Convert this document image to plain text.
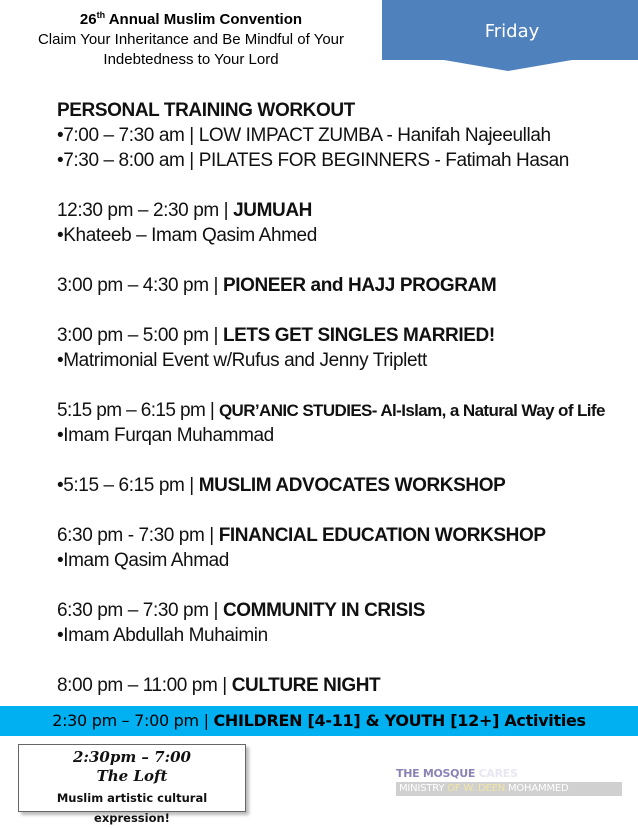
26th Annual Muslim Convention
Claim Your Inheritance and Be Mindful of Your
Indebtedness to Your Lord
Friday
PERSONAL TRAINING WORKOUT
•7:00 – 7:30 am | LOW IMPACT ZUMBA - Hanifah Najeeullah
•7:30 – 8:00 am | PILATES FOR BEGINNERS - Fatimah Hasan
12:30 pm – 2:30 pm | JUMUAH
•Khateeb – Imam Qasim Ahmed
3:00 pm – 4:30 pm | PIONEER and HAJJ PROGRAM
3:00 pm – 5:00 pm | LETS GET SINGLES MARRIED!
•Matrimonial Event w/Rufus and Jenny Triplett
5:15 pm – 6:15 pm | QUR’ANIC STUDIES- Al-Islam, a Natural Way of Life
•Imam Furqan Muhammad
•5:15 – 6:15 pm | MUSLIM ADVOCATES WORKSHOP
6:30 pm - 7:30 pm | FINANCIAL EDUCATION WORKSHOP
•Imam Qasim Ahmad
6:30 pm – 7:30 pm | COMMUNITY IN CRISIS
•Imam Abdullah Muhaimin
8:00 pm – 11:00 pm | CULTURE NIGHT
2:30 pm – 7:00 pm | CHILDREN [4-11] & YOUTH [12+] Activities
2:30pm – 7:00
The Loft
Muslim artistic cultural expression!
THE MOSQUE CARES
MINISTRY OF W. DEEN MOHAMMED
